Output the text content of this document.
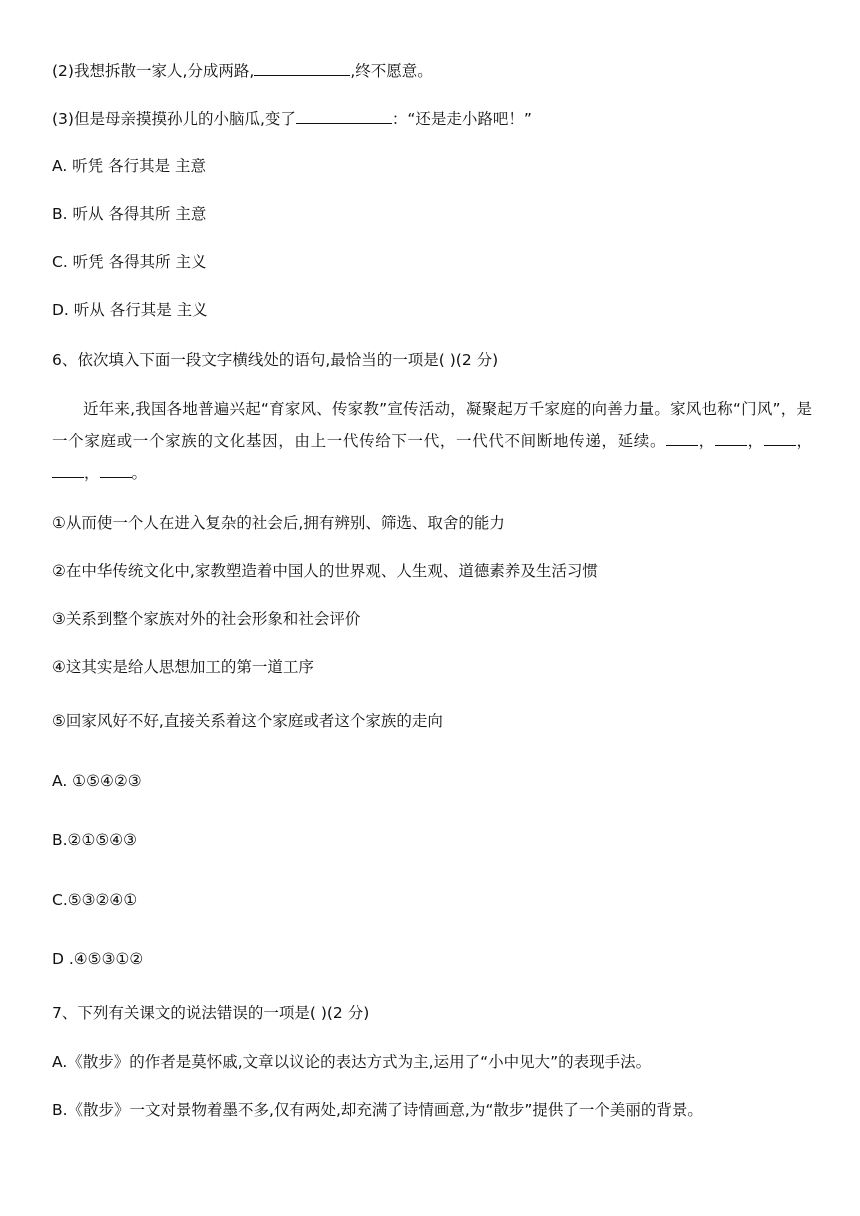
(2)我想拆散一家人,分成两路,	,终不愿意。
(3)但是母亲摸摸孙儿的小脑瓜,变了	：“还是走小路吧！”
A. 听凭 各行其是 主意
B. 听从 各得其所 主意
C. 听凭 各得其所 主义
D. 听从 各行其是 主义
6、依次填入下面一段文字横线处的语句,最恰当的一项是( )(2 分)
近年来,我国各地普遍兴起“育家风、传家教”宣传活动，凝聚起万千家庭的向善力量。家风也称“门风”，是一个家庭或一个家族的文化基因，由上一代传给下一代，一代代不间断地传递，延续。 ， ， ，， 。
①从而使一个人在进入复杂的社会后,拥有辨别、筛选、取舍的能力
②在中华传统文化中,家教塑造着中国人的世界观、人生观、道德素养及生活习惯
③关系到整个家族对外的社会形象和社会评价
④这其实是给人思想加工的第一道工序
⑤回家风好不好,直接关系着这个家庭或者这个家族的走向
A. ①⑤④②③
B.②①⑤④③
C.⑤③②④①
D .④⑤③①②
7、下列有关课文的说法错误的一项是( )(2 分)
A.《散步》的作者是莫怀戚,文章以议论的表达方式为主,运用了“小中见大”的表现手法。
B.《散步》一文对景物着墨不多,仅有两处,却充满了诗情画意,为“散步”提供了一个美丽的背景。
